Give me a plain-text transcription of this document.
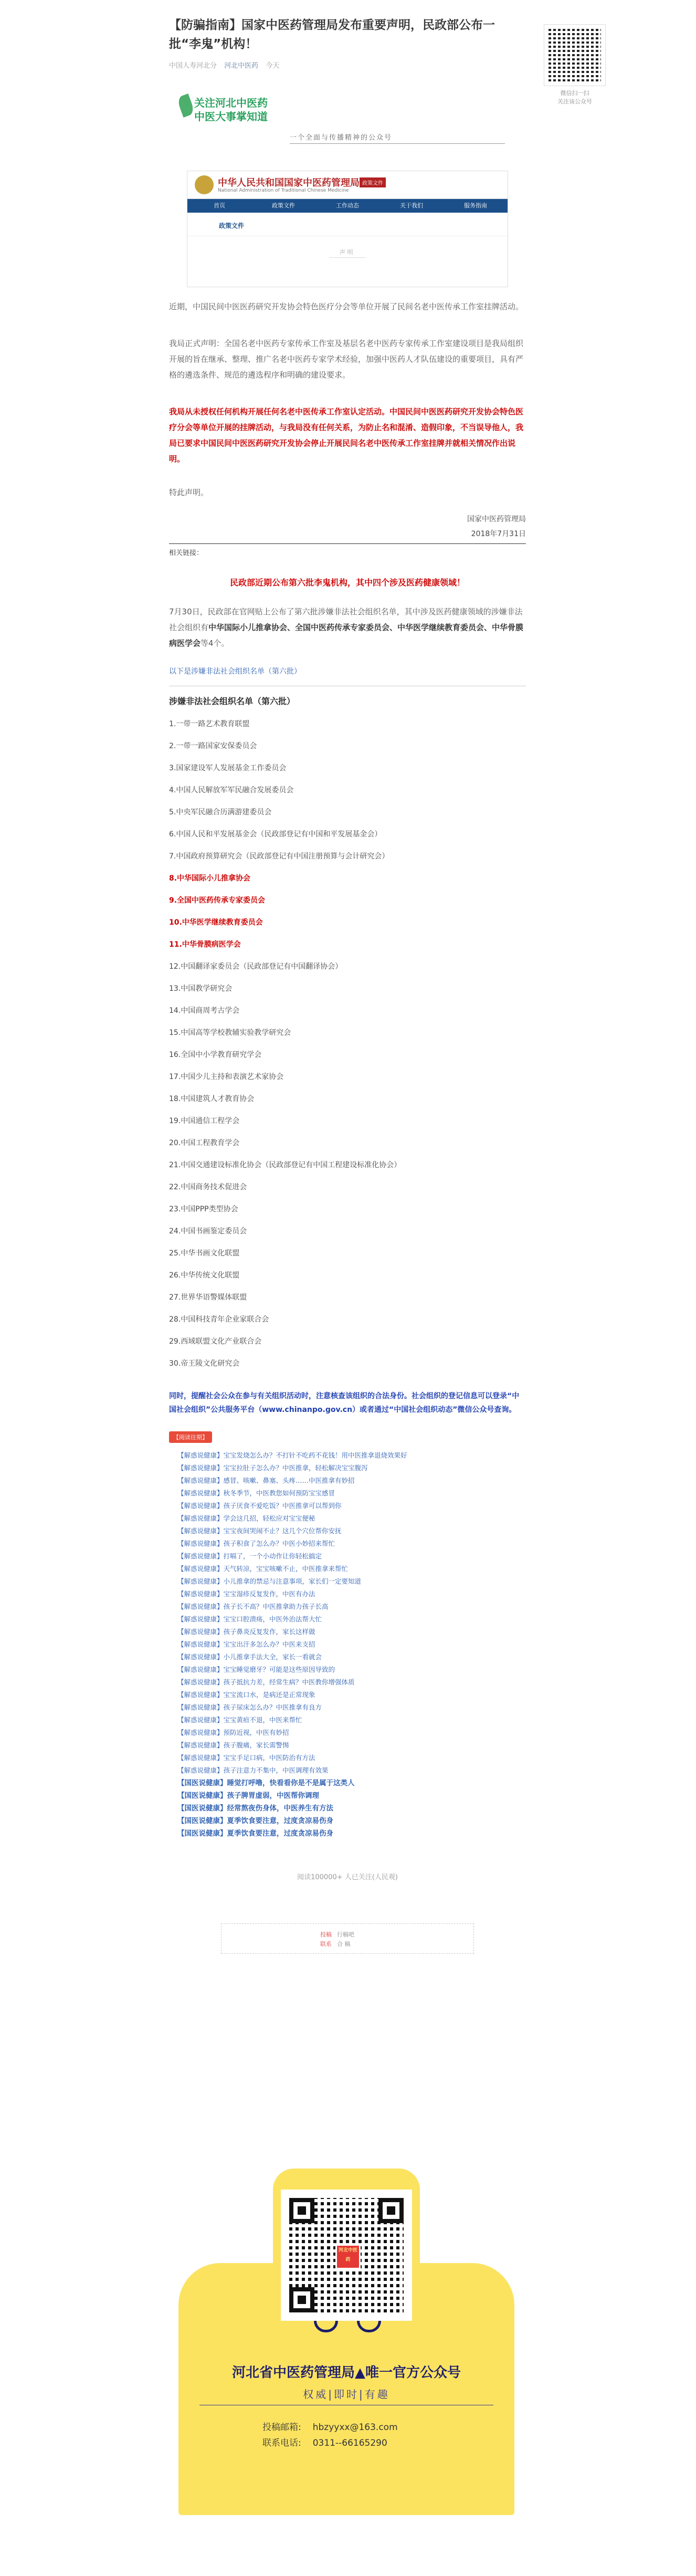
【防骗指南】国家中医药管理局发布重要声明，民政部公布一批“李鬼”机构！
中国人寿河北分 河北中医药 今天
关注河北中医药
中医大事掌知道
一个全面与传播精神的公众号
中华人民共和国国家中医药管理局
National Administration of Traditional Chinese Medicine
政策文件
首页	政策文件	工作动态	关于我们	服务指南
政策文件
声 明

近期，中国民间中医医药研究开发协会特色医疗分会等单位开展了民间名老中医传承工作室挂牌活动。

我局正式声明：全国名老中医药专家传承工作室及基层名老中医药专家传承工作室建设项目是我局组织开展的旨在继承、整理、推广名老中医药专家学术经验，加强中医药人才队伍建设的重要项目，具有严格的遴选条件、规范的遴选程序和明确的建设要求。

我局从未授权任何机构开展任何名老中医传承工作室认定活动。中国民间中医医药研究开发协会特色医疗分会等单位开展的挂牌活动，与我局没有任何关系，为防止名和混淆、造假印象，不当误导他人，我局已要求中国民间中医医药研究开发协会停止开展民间名老中医传承工作室挂牌并就相关情况作出说明。

特此声明。

国家中医药管理局

2018年7月31日

相关链接：
民政部近期公布第六批李鬼机构，其中四个涉及医药健康领域！

7月30日，民政部在官网贴上公布了第六批涉嫌非法社会组织名单，其中涉及医药健康领域的涉嫌非法社会组织有中华国际小儿推拿协会、全国中医药传承专家委员会、中华医学继续教育委员会、中华骨膜病医学会等4个。

以下是涉嫌非法社会组织名单（第六批）
涉嫌非法社会组织名单（第六批）

1.一带一路艺术教育联盟

2.一带一路国家安保委员会

3.国家建设军人发展基金工作委员会

4.中国人民解放军军民融合发展委员会

5.中央军民融合历满游建委员会

6.中国人民和平发展基金会（民政部登记有中国和平发展基金会）

7.中国政府预算研究会（民政部登记有中国注册预算与会计研究会）

8.中华国际小儿推拿协会

9.全国中医药传承专家委员会

10.中华医学继续教育委员会

11.中华骨膜病医学会

12.中国翻译家委员会（民政部登记有中国翻译协会）

13.中国教学研究会

14.中国商周考古学会

15.中国高等学校教辅实验教学研究会

16.全国中小学教育研究学会

17.中国少儿主持和表演艺术家协会

18.中国建筑人才教育协会

19.中国通信工程学会

20.中国工程教育学会

21.中国交通建设标准化协会（民政部登记有中国工程建设标准化协会）

22.中国商务技术促进会

23.中国PPP类型协会

24.中国书画鉴定委员会

25.中华书画文化联盟

26.中华传统文化联盟

27.世界华语警媒体联盟

28.中国科技青年企业家联合会

29.西域联盟文化产业联合会

30.帝王陵文化研究会

同时，提醒社会公众在参与有关组织活动时，注意核查该组织的合法身份。社会组织的登记信息可以登录“中国社会组织”公共服务平台（www.chinanpo.gov.cn）或者通过“中国社会组织动态”微信公众号查询。
【阅读往期】

【解惑说健康】宝宝发烧怎么办？不打针不吃药不花钱！用中医推拿退烧效果好

【解惑说健康】宝宝拉肚子怎么办？中医推拿，轻松解决宝宝腹泻

【解惑说健康】感冒、咳嗽、鼻塞、头疼……中医推拿有妙招

【解惑说健康】秋冬季节，中医教您如何预防宝宝感冒

【解惑说健康】孩子厌食不爱吃饭？中医推拿可以帮到你

【解惑说健康】学会这几招，轻松应对宝宝便秘

【解惑说健康】宝宝夜间哭闹不止？这几个穴位帮你安抚

【解惑说健康】孩子积食了怎么办？中医小妙招来帮忙

【解惑说健康】打嗝了，一个小动作让你轻松搞定

【解惑说健康】天气转凉，宝宝咳嗽不止，中医推拿来帮忙

【解惑说健康】小儿推拿的禁忌与注意事项，家长们一定要知道

【解惑说健康】宝宝湿疹反复发作，中医有办法

【解惑说健康】孩子长不高？中医推拿助力孩子长高

【解惑说健康】宝宝口腔溃疡，中医外治法帮大忙

【解惑说健康】孩子鼻炎反复发作，家长这样做

【解惑说健康】宝宝出汗多怎么办？中医来支招

【解惑说健康】小儿推拿手法大全，家长一看就会

【解惑说健康】宝宝睡觉磨牙？可能是这些原因导致的

【解惑说健康】孩子抵抗力差，经常生病？中医教你增强体质

【解惑说健康】宝宝流口水，是病还是正常现象

【解惑说健康】孩子尿床怎么办？中医推拿有良方

【解惑说健康】宝宝黄疸不退，中医来帮忙

【解惑说健康】预防近视，中医有妙招

【解惑说健康】孩子腹痛，家长需警惕

【解惑说健康】宝宝手足口病，中医防治有方法

【解惑说健康】孩子注意力不集中，中医调理有效果

【国医说健康】睡觉打呼噜，快看看你是不是属于这类人

【国医说健康】孩子脾胃虚弱，中医帮你调理

【国医说健康】经常熬夜伤身体，中医养生有方法

【国医说健康】夏季饮食要注意，过度贪凉易伤身

【国医说健康】夏季饮食要注意，过度贪凉易伤身

阅读100000+ 人已关注(人民观)
投稿 行稿吧
联系 合 稿

微信扫一扫

关注该公众号

河北中医药
河北省中医药管理局▲唯一官方公众号
权威|即时|有趣
投稿邮箱: hbzyyxx@163.com
联系电话: 0311--66165290
